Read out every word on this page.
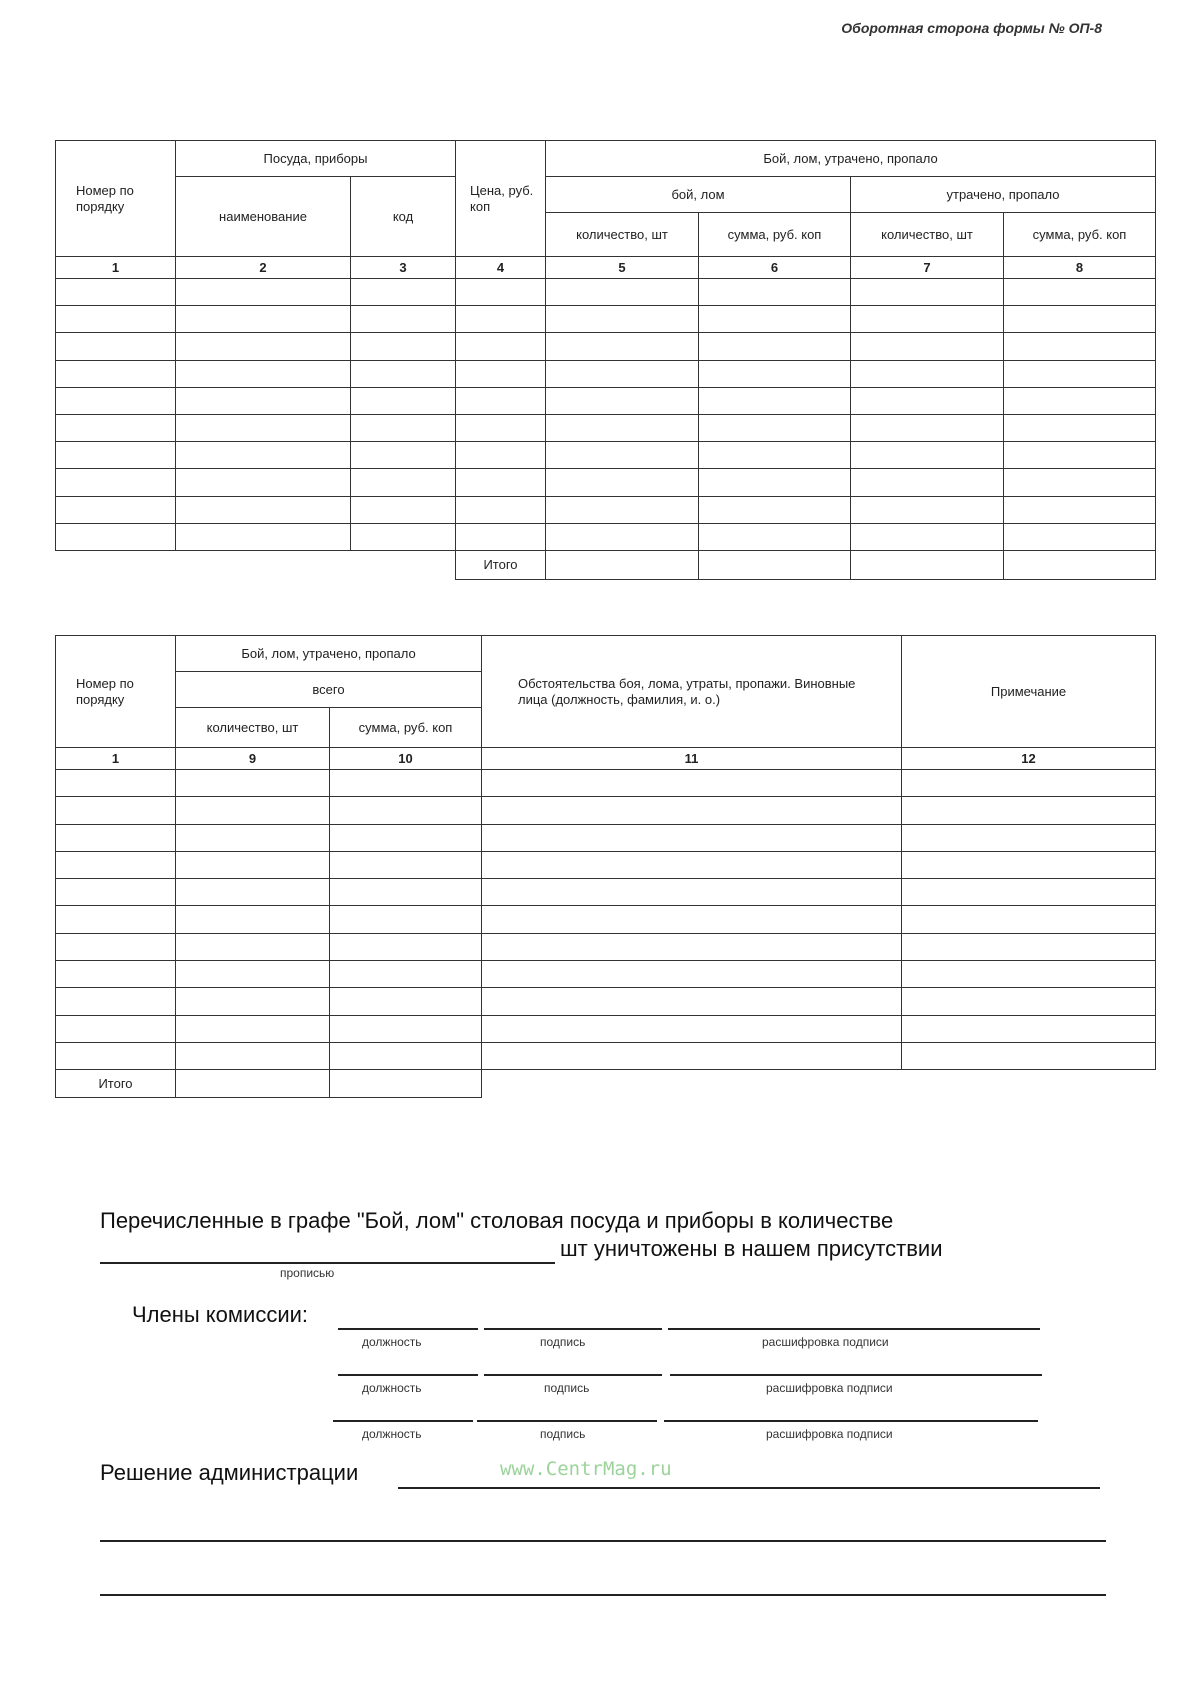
Оборотная сторона формы № ОП-8
Номер по порядку	Посуда, приборы		Цена, руб. коп	Бой, лом, утрачено, пропало			
	наименование	код		бой, лом		утрачено, пропало	
				количество, шт	сумма, руб. коп	количество, шт	сумма, руб. коп
1	2	3	4	5	6	7	8

			Итого				
Номер по порядку	Бой, лом, утрачено, пропало		Обстоятельства боя, лома, утраты, пропажи. Виновные лица (должность, фамилия, и. о.)	Примечание
	всего			
	количество, шт	сумма, руб. коп		
1	9	10	11	12

Итого				
Перечисленные в графе "Бой, лом" столовая посуда и приборы в количестве
шт уничтожены в нашем присутствии
прописью
Члены комиссии:
должность	подпись	расшифровка подписи
должность	подпись	расшифровка подписи
должность	подпись	расшифровка подписи
Решение администрации	www.CentrMag.ru
